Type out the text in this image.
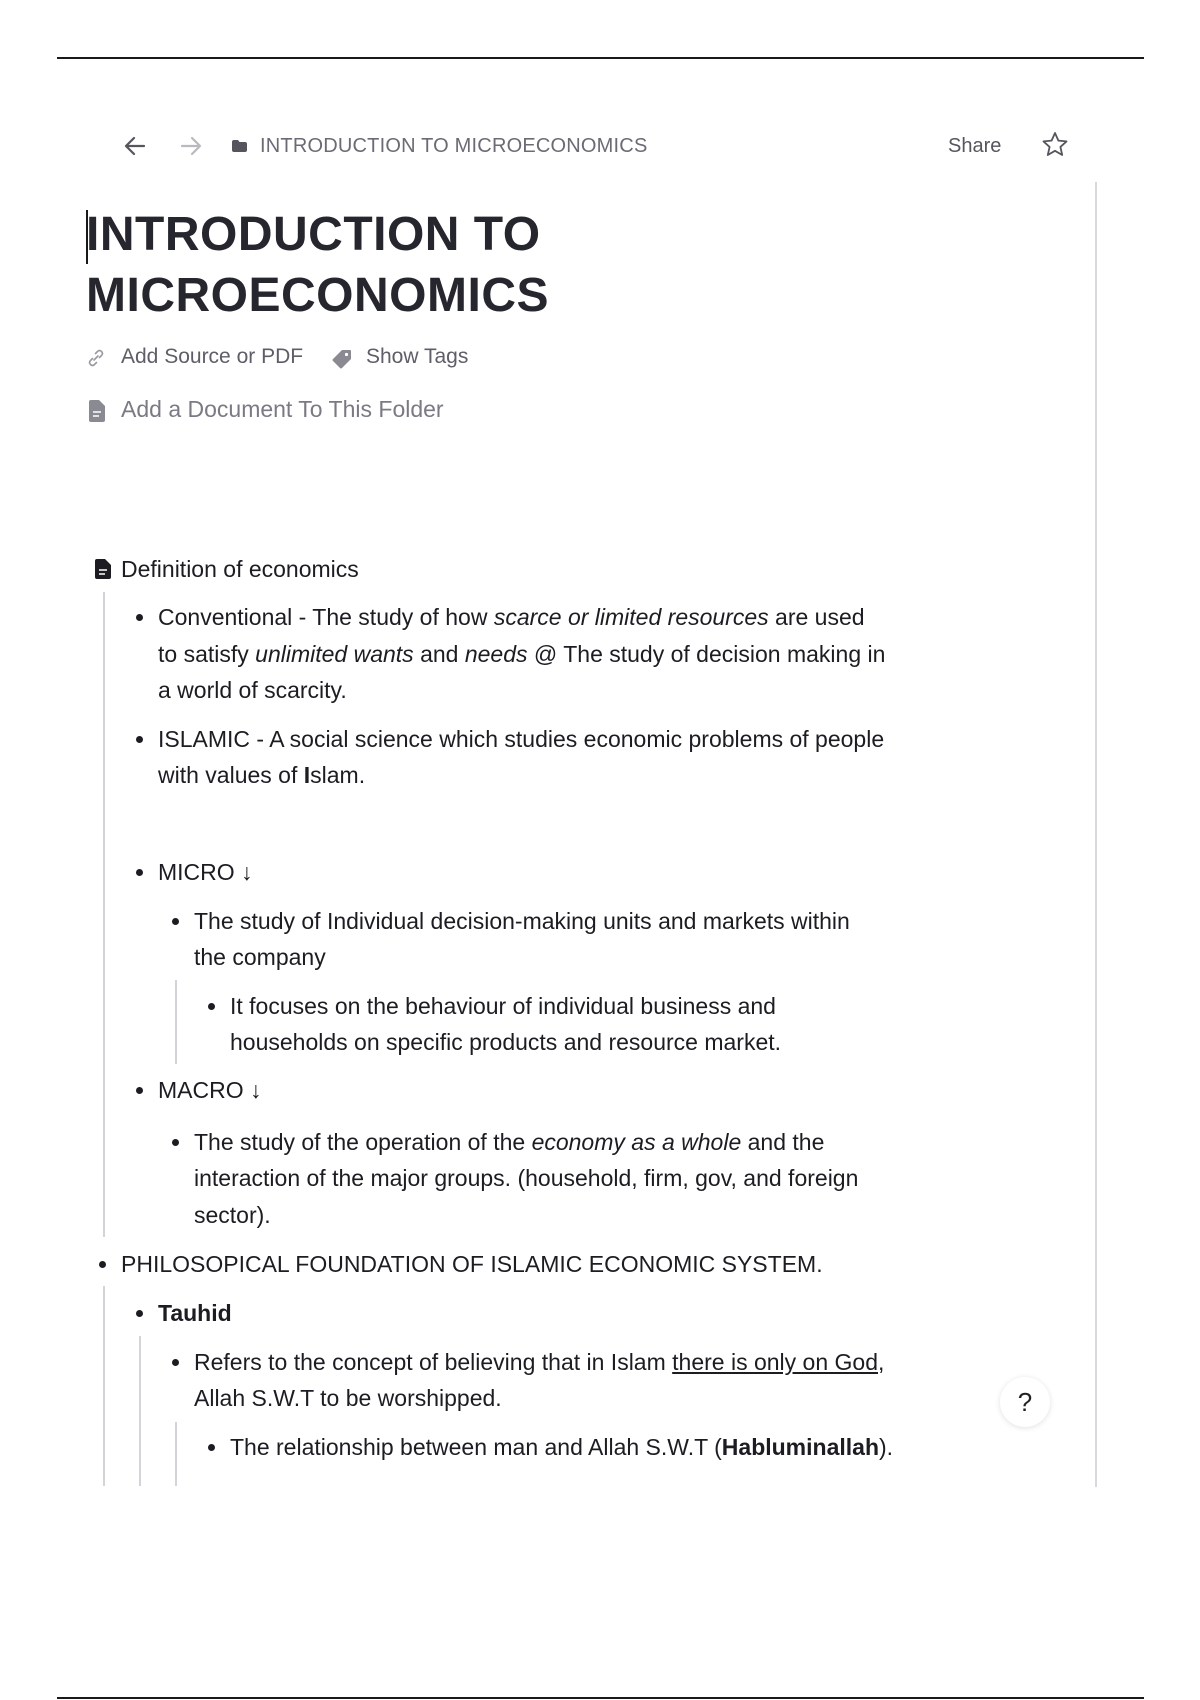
INTRODUCTION TO MICROECONOMICS	Share
INTRODUCTION TO
MICROECONOMICS
Add Source or PDF	Show Tags
Add a Document To This Folder
Definition of economics
Conventional - The study of how scarce or limited resources are used
to satisfy unlimited wants and needs @ The study of decision making in
a world of scarcity.
ISLAMIC - A social science which studies economic problems of people
with values of Islam.
MICRO ↓
The study of Individual decision-making units and markets within
the company
It focuses on the behaviour of individual business and
households on specific products and resource market.
MACRO ↓
The study of the operation of the economy as a whole and the
interaction of the major groups. (household, firm, gov, and foreign
sector).
PHILOSOPICAL FOUNDATION OF ISLAMIC ECONOMIC SYSTEM.
Tauhid
Refers to the concept of believing that in Islam there is only on God,
Allah S.W.T to be worshipped.
The relationship between man and Allah S.W.T (Habluminallah).
?
